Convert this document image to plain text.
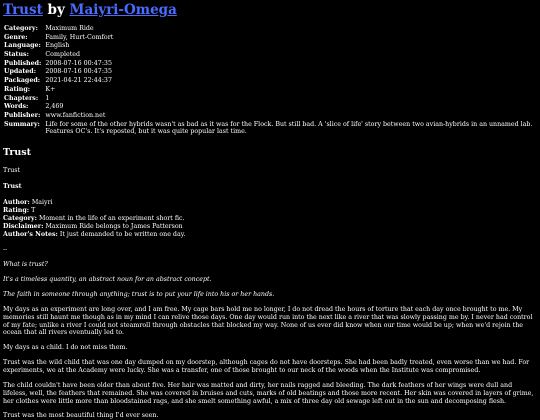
Trust by Maiyri-Omega
Category:	Maximum Ride
Genre:	Family, Hurt-Comfort
Language:	English
Status:	Completed
Published:	2008-07-16 00:47:35
Updated:	2008-07-16 00:47:35
Packaged:	2021-04-21 22:44:37
Rating:	K+
Chapters:	1
Words:	2,469
Publisher:	www.fanfiction.net
Summary:	Life for some of the other hybrids wasn't as bad as it was for the Flock. But still bad. A 'slice of life' story between two avian-hybrids in an unnamed lab. Features OC's. It's reposted, but it was quite popular last time.
Trust

Trust

Trust

Author: Maiyri
Rating: T
Category: Moment in the life of an experiment short fic.
Disclaimer: Maximum Ride belongs to James Patterson
Author's Notes: It just demanded to be written one day.

--

What is trust?

It's a timeless quantity, an abstract noun for an abstract concept.

The faith in someone through anything; trust is to put your life into his or her hands.

My days as an experiment are long over, and I am free. My cage bars hold me no longer, I do not dread the hours of torture that each day once brought to me. My memories still haunt me though as in my mind I can relive those days. One day would run into the next like a river that was slowly passing me by. I never had control of my fate; unlike a river I could not steamroll through obstacles that blocked my way. None of us ever did know when our time would be up; when we'd rejoin the ocean that all rivers eventually led to.

My days as a child. I do not miss them.

Trust was the wild child that was one day dumped on my doorstep, although cages do not have doorsteps. She had been badly treated, even worse than we had. For experiments, we at the Academy were lucky. She was a transfer, one of those brought to our neck of the woods when the Institute was compromised.

The child couldn't have been older than about five. Her hair was matted and dirty, her nails ragged and bleeding. The dark feathers of her wings were dull and lifeless, well, the feathers that remained. She was covered in bruises and cuts, marks of old beatings and those more recent. Her skin was covered in layers of grime, her clothes were little more than bloodstained rags, and she smelt something awful, a mix of three day old sewage left out in the sun and decomposing flesh.

Trust was the most beautiful thing I'd ever seen.
